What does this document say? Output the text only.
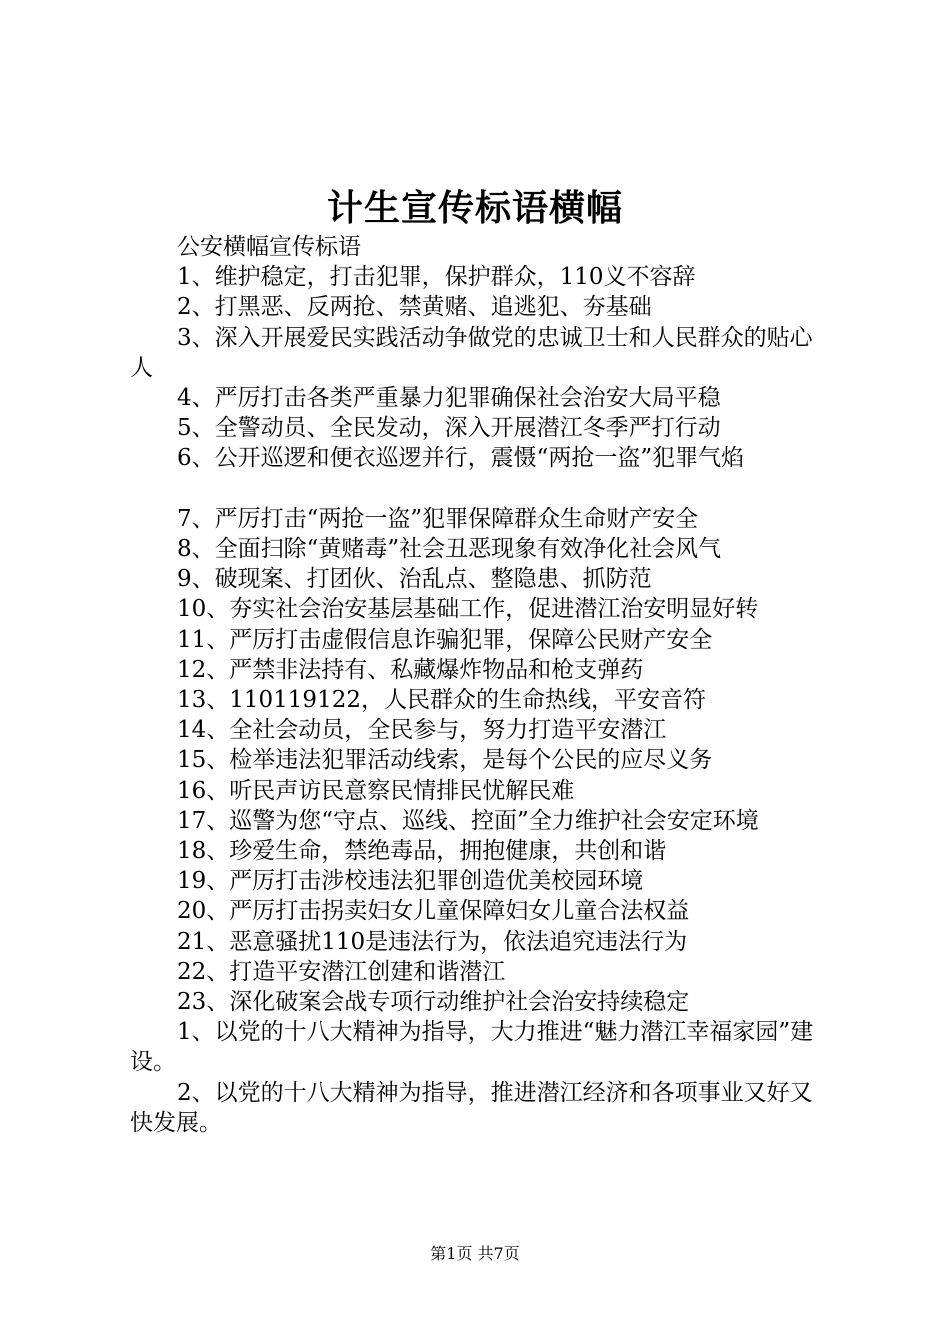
计生宣传标语横幅

公安横幅宣传标语

1、维护稳定，打击犯罪，保护群众，110义不容辞

2、打黑恶、反两抢、禁黄赌、追逃犯、夯基础

3、深入开展爱民实践活动争做党的忠诚卫士和人民群众的贴心人

4、严厉打击各类严重暴力犯罪确保社会治安大局平稳

5、全警动员、全民发动，深入开展潜江冬季严打行动

6、公开巡逻和便衣巡逻并行，震慑“两抢一盗”犯罪气焰

7、严厉打击“两抢一盗”犯罪保障群众生命财产安全

8、全面扫除“黄赌毒”社会丑恶现象有效净化社会风气

9、破现案、打团伙、治乱点、整隐患、抓防范

10、夯实社会治安基层基础工作，促进潜江治安明显好转

11、严厉打击虚假信息诈骗犯罪，保障公民财产安全

12、严禁非法持有、私藏爆炸物品和枪支弹药

13、110119122，人民群众的生命热线，平安音符

14、全社会动员，全民参与，努力打造平安潜江

15、检举违法犯罪活动线索，是每个公民的应尽义务

16、听民声访民意察民情排民忧解民难

17、巡警为您“守点、巡线、控面”全力维护社会安定环境

18、珍爱生命，禁绝毒品，拥抱健康，共创和谐

19、严厉打击涉校违法犯罪创造优美校园环境

20、严厉打击拐卖妇女儿童保障妇女儿童合法权益

21、恶意骚扰110是违法行为，依法追究违法行为

22、打造平安潜江创建和谐潜江

23、深化破案会战专项行动维护社会治安持续稳定

1、以党的十八大精神为指导，大力推进“魅力潜江幸福家园”建设。

2、以党的十八大精神为指导，推进潜江经济和各项事业又好又快发展。

第1页 共7页
